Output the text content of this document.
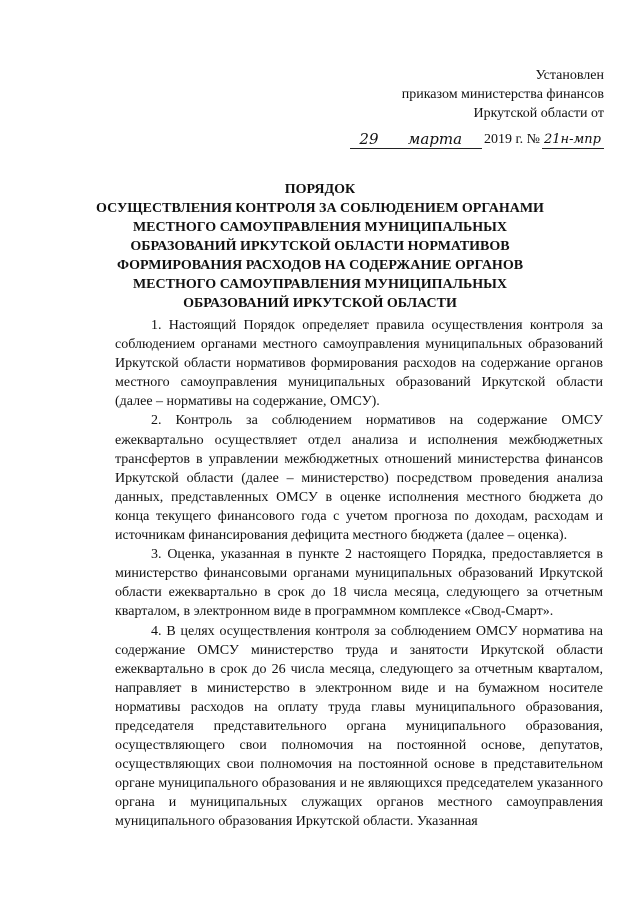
Установлен
приказом министерства финансов
Иркутской области от
29	марта	2019 г. № 21н-мпр
ПОРЯДОК
ОСУЩЕСТВЛЕНИЯ КОНТРОЛЯ ЗА СОБЛЮДЕНИЕМ ОРГАНАМИ
МЕСТНОГО САМОУПРАВЛЕНИЯ МУНИЦИПАЛЬНЫХ
ОБРАЗОВАНИЙ ИРКУТСКОЙ ОБЛАСТИ НОРМАТИВОВ
ФОРМИРОВАНИЯ РАСХОДОВ НА СОДЕРЖАНИЕ ОРГАНОВ
МЕСТНОГО САМОУПРАВЛЕНИЯ МУНИЦИПАЛЬНЫХ
ОБРАЗОВАНИЙ ИРКУТСКОЙ ОБЛАСТИ

1. Настоящий Порядок определяет правила осуществления контроля за соблюдением органами местного самоуправления муниципальных образований Иркутской области нормативов формирования расходов на содержание органов местного самоуправления муниципальных образований Иркутской области (далее – нормативы на содержание, ОМСУ).

2. Контроль за соблюдением нормативов на содержание ОМСУ ежеквартально осуществляет отдел анализа и исполнения межбюджетных трансфертов в управлении межбюджетных отношений министерства финансов Иркутской области (далее – министерство) посредством проведения анализа данных, представленных ОМСУ в оценке исполнения местного бюджета до конца текущего финансового года с учетом прогноза по доходам, расходам и источникам финансирования дефицита местного бюджета (далее – оценка).

3. Оценка, указанная в пункте 2 настоящего Порядка, предоставляется в министерство финансовыми органами муниципальных образований Иркутской области ежеквартально в срок до 18 числа месяца, следующего за отчетным кварталом, в электронном виде в программном комплексе «Свод-Смарт».

4. В целях осуществления контроля за соблюдением ОМСУ норматива на содержание ОМСУ министерство труда и занятости Иркутской области ежеквартально в срок до 26 числа месяца, следующего за отчетным кварталом, направляет в министерство в электронном виде и на бумажном носителе нормативы расходов на оплату труда главы муниципального образования, председателя представительного органа муниципального образования, осуществляющего свои полномочия на постоянной основе, депутатов, осуществляющих свои полномочия на постоянной основе в представительном органе муниципального образования и не являющихся председателем указанного органа и муниципальных служащих органов местного самоуправления муниципального образования Иркутской области. Указанная
